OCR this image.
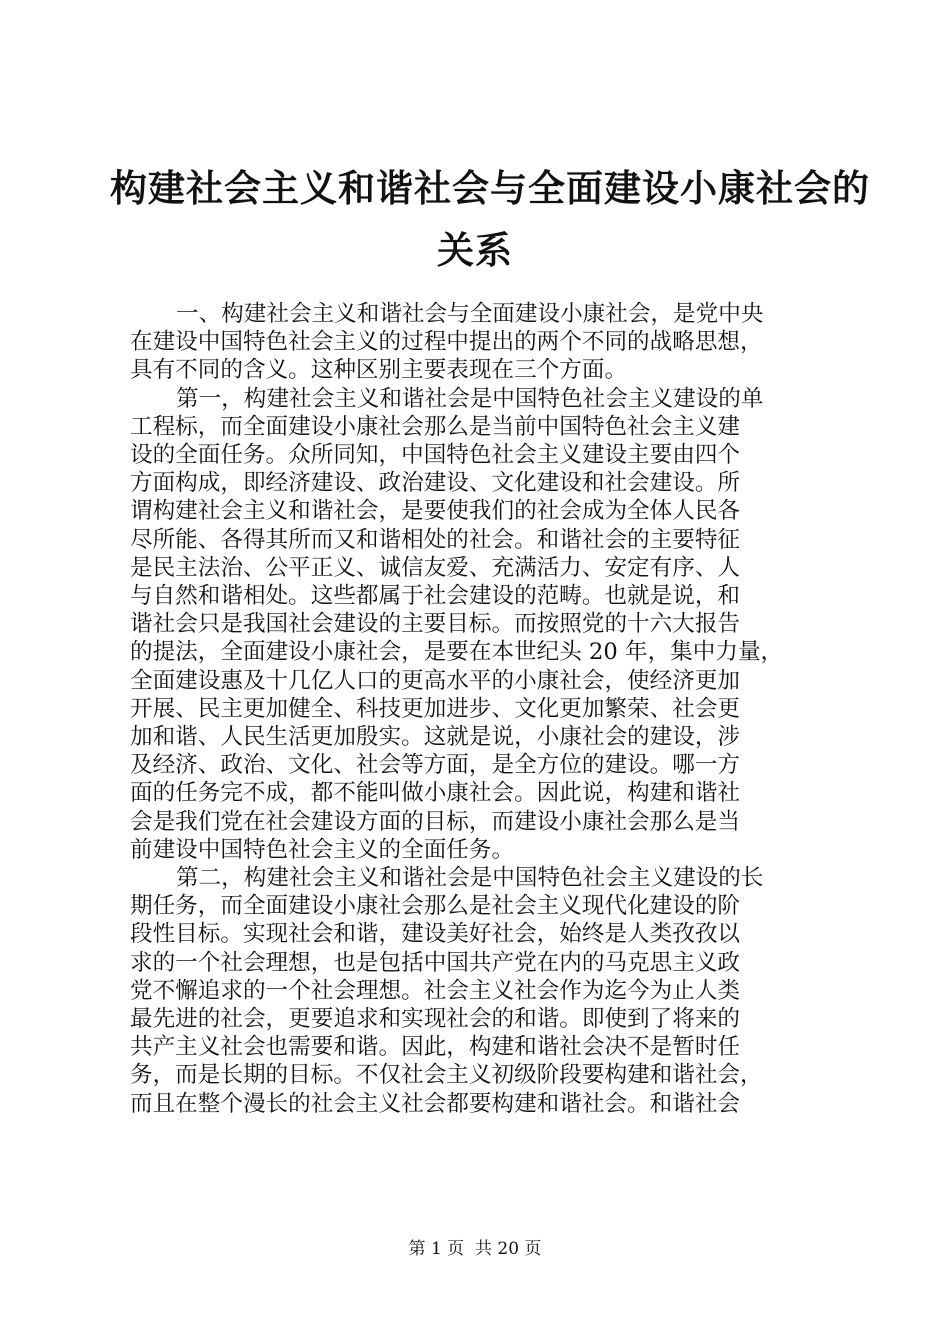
构建社会主义和谐社会与全面建设小康社会的
关系

一、构建社会主义和谐社会与全面建设小康社会，是党中央
在建设中国特色社会主义的过程中提出的两个不同的战略思想，
具有不同的含义。这种区别主要表现在三个方面。

第一，构建社会主义和谐社会是中国特色社会主义建设的单
工程标，而全面建设小康社会那么是当前中国特色社会主义建
设的全面任务。众所同知，中国特色社会主义建设主要由四个
方面构成，即经济建设、政治建设、文化建设和社会建设。所
谓构建社会主义和谐社会，是要使我们的社会成为全体人民各
尽所能、各得其所而又和谐相处的社会。和谐社会的主要特征
是民主法治、公平正义、诚信友爱、充满活力、安定有序、人
与自然和谐相处。这些都属于社会建设的范畴。也就是说，和
谐社会只是我国社会建设的主要目标。而按照党的十六大报告
的提法，全面建设小康社会，是要在本世纪头 20 年，集中力量，
全面建设惠及十几亿人口的更高水平的小康社会，使经济更加
开展、民主更加健全、科技更加进步、文化更加繁荣、社会更
加和谐、人民生活更加殷实。这就是说，小康社会的建设，涉
及经济、政治、文化、社会等方面，是全方位的建设。哪一方
面的任务完不成，都不能叫做小康社会。因此说，构建和谐社
会是我们党在社会建设方面的目标，而建设小康社会那么是当
前建设中国特色社会主义的全面任务。

第二，构建社会主义和谐社会是中国特色社会主义建设的长
期任务，而全面建设小康社会那么是社会主义现代化建设的阶
段性目标。实现社会和谐，建设美好社会，始终是人类孜孜以
求的一个社会理想，也是包括中国共产党在内的马克思主义政
党不懈追求的一个社会理想。社会主义社会作为迄今为止人类
最先进的社会，更要追求和实现社会的和谐。即使到了将来的
共产主义社会也需要和谐。因此，构建和谐社会决不是暂时任
务，而是长期的目标。不仅社会主义初级阶段要构建和谐社会，
而且在整个漫长的社会主义社会都要构建和谐社会。和谐社会

第 1 页 共 20 页
